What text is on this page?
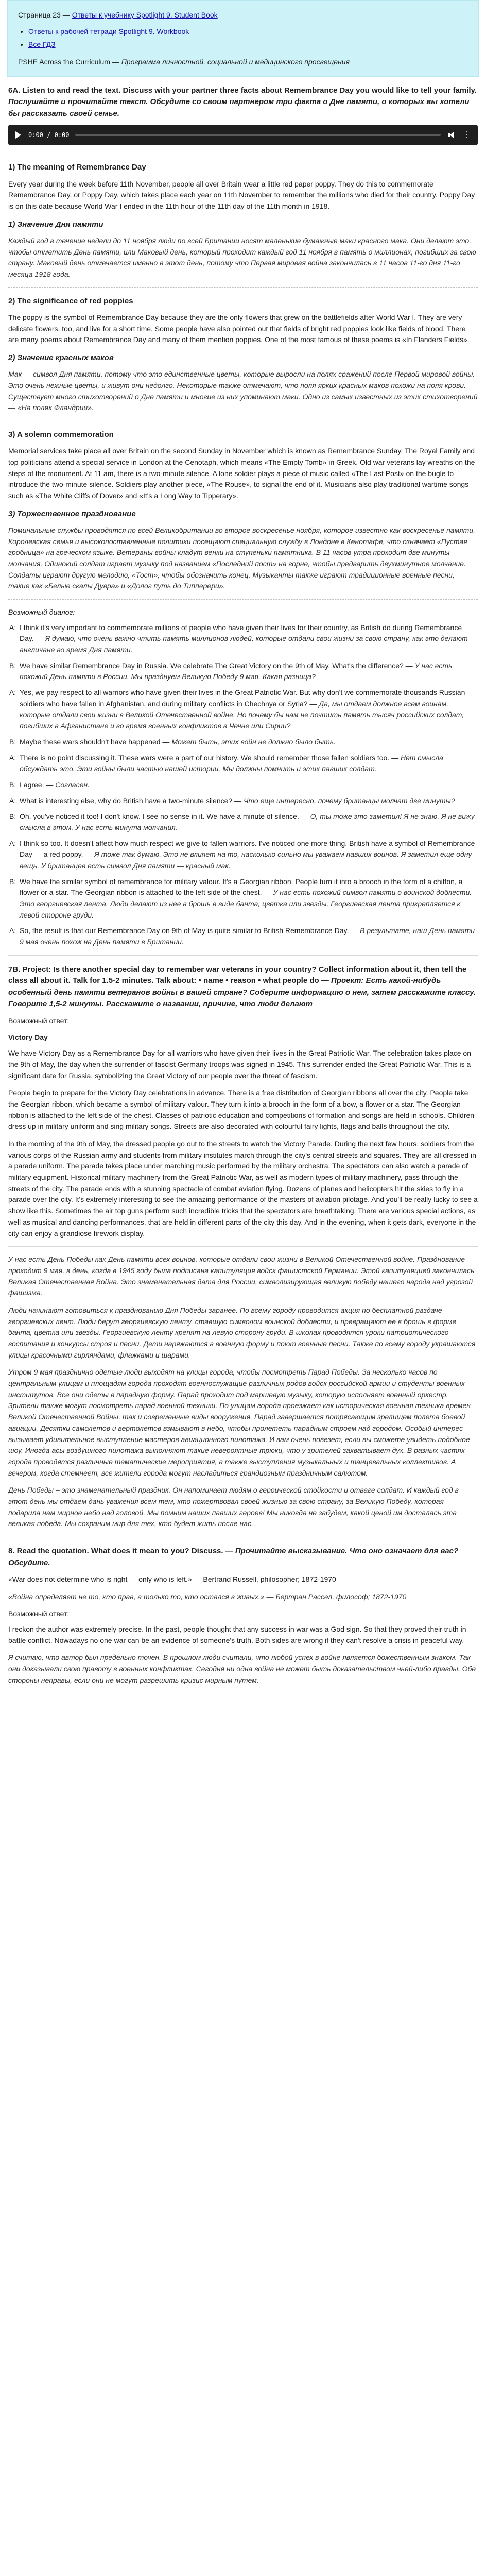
Страница 23 — Ответы к учебнику Spotlight 9. Student Book
• Ответы к рабочей тетради Spotlight 9. Workbook
• Все ГДЗ
PSHE Across the Curriculum — Программа личностной, социальной и медицинского просвещения
6A. Listen to and read the text. Discuss with your partner three facts about Remembrance Day you would like to tell your family. Послушайте и прочитайте текст. Обсудите со своим партнером три факта о Дне памяти, о которых вы хотели бы рассказать своей семье.
0:00 / 0:00	⋮
1) The meaning of Remembrance Day

Every year during the week before 11th November, people all over Britain wear a little red paper poppy. They do this to commemorate Remembrance Day, or Poppy Day, which takes place each year on 11th November to remember the millions who died for their country. Poppy Day is on this date because World War I ended in the 11th hour of the 11th day of the 11th month in 1918.

1) Значение Дня памяти

Каждый год в течение недели до 11 ноября люди по всей Британии носят маленькие бумажные маки красного мака. Они делают это, чтобы отметить День памяти, или Маковый день, который проходит каждый год 11 ноября в память о миллионах, погибших за свою страну. Маковый день отмечается именно в этот день, потому что Первая мировая война закончилась в 11 часов 11-го дня 11-го месяца 1918 года.

2) The significance of red poppies

The poppy is the symbol of Remembrance Day because they are the only flowers that grew on the battlefields after World War I. They are very delicate flowers, too, and live for a short time. Some people have also pointed out that fields of bright red poppies look like fields of blood. There are many poems about Remembrance Day and many of them mention poppies. One of the most famous of these poems is «In Flanders Fields».

2) Значение красных маков

Мак — символ Дня памяти, потому что это единственные цветы, которые выросли на полях сражений после Первой мировой войны. Это очень нежные цветы, и живут они недолго. Некоторые также отмечают, что поля ярких красных маков похожи на поля крови. Существует много стихотворений о Дне памяти и многие из них упоминают маки. Одно из самых известных из этих стихотворений — «На полях Фландрии».

3) A solemn commemoration

Memorial services take place all over Britain on the second Sunday in November which is known as Remembrance Sunday. The Royal Family and top politicians attend a special service in London at the Cenotaph, which means «The Empty Tomb» in Greek. Old war veterans lay wreaths on the steps of the monument. At 11 am, there is a two-minute silence. A lone soldier plays a piece of music called «The Last Post» on the bugle to introduce the two-minute silence. Soldiers play another piece, «The Rouse», to signal the end of it. Musicians also play traditional wartime songs such as «The White Cliffs of Dover» and «It's a Long Way to Tipperary».

3) Торжественное празднование

Поминальные службы проводятся по всей Великобритании во второе воскресенье ноября, которое известно как воскресенье памяти. Королевская семья и высокопоставленные политики посещают специальную службу в Лондоне в Кенотафе, что означает «Пустая гробница» на греческом языке. Ветераны войны кладут венки на ступеньки памятника. В 11 часов утра проходит две минуты молчания. Одинокий солдат играет музыку под названием «Последний пост» на горне, чтобы предварить двухминутное молчание. Солдаты играют другую мелодию, «Тост», чтобы обозначить конец. Музыканты также играют традиционные военные песни, такие как «Белые скалы Дувра» и «Долог путь до Типперери».

Возможный диалог:
A: I think it's very important to commemorate millions of people who have given their lives for their country, as British do during Remembrance Day. — Я думаю, что очень важно чтить память миллионов людей, которые отдали свои жизни за свою страну, как это делают англичане во время Дня памяти.
B: We have similar Remembrance Day in Russia. We celebrate The Great Victory on the 9th of May. What's the difference? — У нас есть похожий День памяти в России. Мы празднуем Великую Победу 9 мая. Какая разница?
A: Yes, we pay respect to all warriors who have given their lives in the Great Patriotic War. But why don't we commemorate thousands Russian soldiers who have fallen in Afghanistan, and during military conflicts in Chechnya or Syria? — Да, мы отдаем должное всем воинам, которые отдали свои жизни в Великой Отечественной войне. Но почему бы нам не почтить память тысяч российских солдат, погибших в Афганистане и во время военных конфликтов в Чечне или Сирии?
B: Maybe these wars shouldn't have happened — Может быть, этих войн не должно было быть.
A: There is no point discussing it. These wars were a part of our history. We should remember those fallen soldiers too. — Нет смысла обсуждать это. Эти войны были частью нашей истории. Мы должны помнить и этих павших солдат.
B: I agree. — Согласен.
A: What is interesting else, why do British have a two-minute silence? — Что еще интересно, почему британцы молчат две минуты?
B: Oh, you've noticed it too! I don't know. I see no sense in it. We have a minute of silence. — О, ты тоже это заметил! Я не знаю. Я не вижу смысла в этом. У нас есть минута молчания.
A: I think so too. It doesn't affect how much respect we give to fallen warriors. I've noticed one more thing. British have a symbol of Remembrance Day — a red poppy. — Я тоже так думаю. Это не влияет на то, насколько сильно мы уважаем павших воинов. Я заметил еще одну вещь. У британцев есть символ Дня памяти — красный мак.
B: We have the similar symbol of remembrance for military valour. It's a Georgian ribbon. People turn it into a brooch in the form of a chiffon, a flower or a star. The Georgian ribbon is attached to the left side of the chest. — У нас есть похожий символ памяти о воинской доблести. Это георгиевская лента. Люди делают из нее в брошь в виде банта, цветка или звезды. Георгиевская лента прикрепляется к левой стороне груди.
A: So, the result is that our Remembrance Day on 9th of May is quite similar to British Remembrance Day. — В результате, наш День памяти 9 мая очень похож на День памяти в Британии.
7B. Project: Is there another special day to remember war veterans in your country? Collect information about it, then tell the class all about it. Talk for 1.5-2 minutes. Talk about: • name • reason • what people do — Проект: Есть какой-нибудь особенный день памяти ветеранов войны в вашей стране? Соберите информацию о нем, затем расскажите классу. Говорите 1,5-2 минуты. Расскажите о названии, причине, что люди делают
Возможный ответ:
Victory Day

We have Victory Day as a Remembrance Day for all warriors who have given their lives in the Great Patriotic War. The celebration takes place on the 9th of May, the day when the surrender of fascist Germany troops was signed in 1945. This surrender ended the Great Patriotic War. This is a significant date for Russia, symbolizing the Great Victory of our people over the threat of fascism.

People begin to prepare for the Victory Day celebrations in advance. There is a free distribution of Georgian ribbons all over the city. People take the Georgian ribbon, which became a symbol of military valour. They turn it into a brooch in the form of a bow, a flower or a star. The Georgian ribbon is attached to the left side of the chest. Classes of patriotic education and competitions of formation and songs are held in schools. Children dress up in military uniform and sing military songs. Streets are also decorated with colourful fairy lights, flags and balls throughout the city.

In the morning of the 9th of May, the dressed people go out to the streets to watch the Victory Parade. During the next few hours, soldiers from the various corps of the Russian army and students from military institutes march through the city's central streets and squares. They are all dressed in a parade uniform. The parade takes place under marching music performed by the military orchestra. The spectators can also watch a parade of military equipment. Historical military machinery from the Great Patriotic War, as well as modern types of military machinery, pass through the streets of the city. The parade ends with a stunning spectacle of combat aviation flying. Dozens of planes and helicopters hit the skies to fly in a parade over the city. It's extremely interesting to see the amazing performance of the masters of aviation pilotage. And you'll be really lucky to see a show like this. Sometimes the air top guns perform such incredible tricks that the spectators are breathtaking. There are various special actions, as well as musical and dancing performances, that are held in different parts of the city this day. And in the evening, when it gets dark, everyone in the city can enjoy a grandiose firework display.

У нас есть День Победы как День памяти всех воинов, которые отдали свои жизни в Великой Отечественной войне. Празднование проходит 9 мая, в день, когда в 1945 году была подписана капитуляция войск фашистской Германии. Этой капитуляцией закончилась Великая Отечественная Война. Это знаменательная дата для России, символизирующая великую победу нашего народа над угрозой фашизма.

Люди начинают готовиться к празднованию Дня Победы заранее. По всему городу проводится акция по бесплатной раздаче георгиевских лент. Люди берут георгиевскую ленту, ставшую символом воинской доблести, и превращают ее в брошь в форме банта, цветка или звезды. Георгиевскую ленту крепят на левую сторону груди. В школах проводятся уроки патриотического воспитания и конкурсы строя и песни. Дети наряжаются в военную форму и поют военные песни. Также по всему городу украшаются улицы красочными гирляндами, флажками и шарами.

Утром 9 мая празднично одетые люди выходят на улицы города, чтобы посмотреть Парад Победы. За несколько часов по центральным улицам и площадям города проходят военнослужащие различных родов войск российской армии и студенты военных институтов. Все они одеты в парадную форму. Парад проходит под маршевую музыку, которую исполняет военный оркестр. Зрители также могут посмотреть парад военной техники. По улицам города проезжает как историческая военная техника времен Великой Отечественной Войны, так и современные виды вооружения. Парад завершается потрясающим зрелищем полета боевой авиации. Десятки самолетов и вертолетов взмывают в небо, чтобы пролететь парадным строем над городом. Особый интерес вызывает удивительное выступление мастеров авиационного пилотажа. И вам очень повезет, если вы сможете увидеть подобное шоу. Иногда асы воздушного пилотажа выполняют такие невероятные трюки, что у зрителей захватывает дух. В разных частях города проводятся различные тематические мероприятия, а также выступления музыкальных и танцевальных коллективов. А вечером, когда стемнеет, все жители города могут насладиться грандиозным праздничным салютом.

День Победы – это знаменательный праздник. Он напоминает людям о героической стойкости и отваге солдат. И каждый год в этот день мы отдаем дань уважения всем тем, кто пожертвовал своей жизнью за свою страну, за Великую Победу, которая подарила нам мирное небо над головой. Мы помним наших павших героев! Мы никогда не забудем, какой ценой им досталась эта великая победа. Мы сохраним мир для тех, кто будет жить после нас.

8. Read the quotation. What does it mean to you? Discuss. — Прочитайте высказывание. Что оно означает для вас? Обсудите.

«War does not determine who is right — only who is left.» — Bertrand Russell, philosopher; 1872-1970

«Война определяет не то, кто прав, а только то, кто остался в живых.» — Бертран Рассел, философ; 1872-1970

Возможный ответ:

I reckon the author was extremely precise. In the past, people thought that any success in war was a God sign. So that they proved their truth in battle conflict. Nowadays no one war can be an evidence of someone's truth. Both sides are wrong if they can't resolve a crisis in peaceful way.

Я считаю, что автор был предельно точен. В прошлом люди считали, что любой успех в войне является божественным знаком. Так они доказывали свою правоту в военных конфликтах. Сегодня ни одна война не может быть доказательством чьей-либо правды. Обе стороны неправы, если они не могут разрешить кризис мирным путем.
